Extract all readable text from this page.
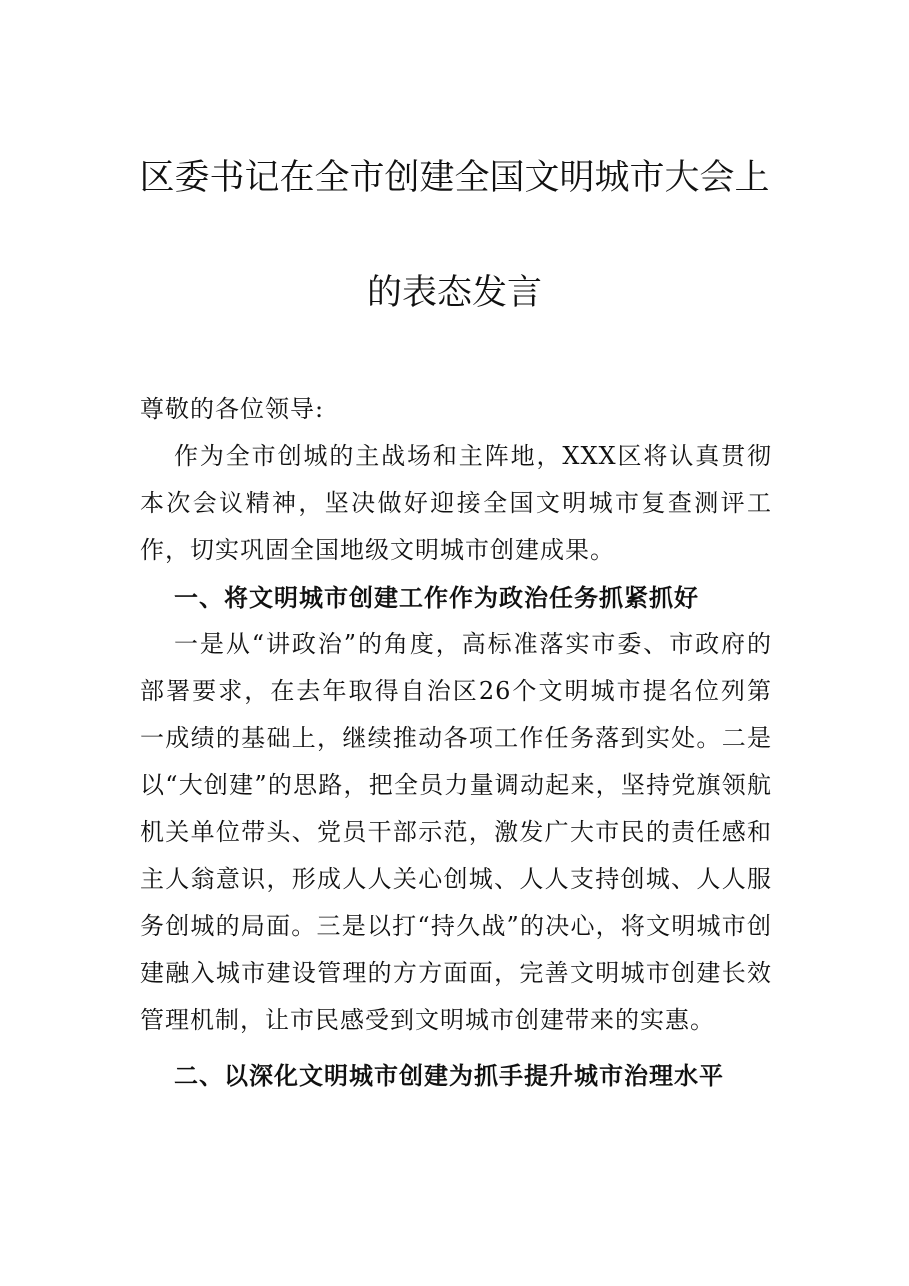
区委书记在全市创建全国文明城市大会上
的表态发言

尊敬的各位领导:

作为全市创城的主战场和主阵地，XXX区将认真贯彻本次会议精神，坚决做好迎接全国文明城市复查测评工作，切实巩固全国地级文明城市创建成果。

一、将文明城市创建工作作为政治任务抓紧抓好

一是从“讲政治”的角度，高标准落实市委、市政府的部署要求，在去年取得自治区26个文明城市提名位列第一成绩的基础上，继续推动各项工作任务落到实处。二是以“大创建”的思路，把全员力量调动起来，坚持党旗领航机关单位带头、党员干部示范，激发广大市民的责任感和主人翁意识，形成人人关心创城、人人支持创城、人人服务创城的局面。三是以打“持久战”的决心，将文明城市创建融入城市建设管理的方方面面，完善文明城市创建长效管理机制，让市民感受到文明城市创建带来的实惠。

二、以深化文明城市创建为抓手提升城市治理水平
